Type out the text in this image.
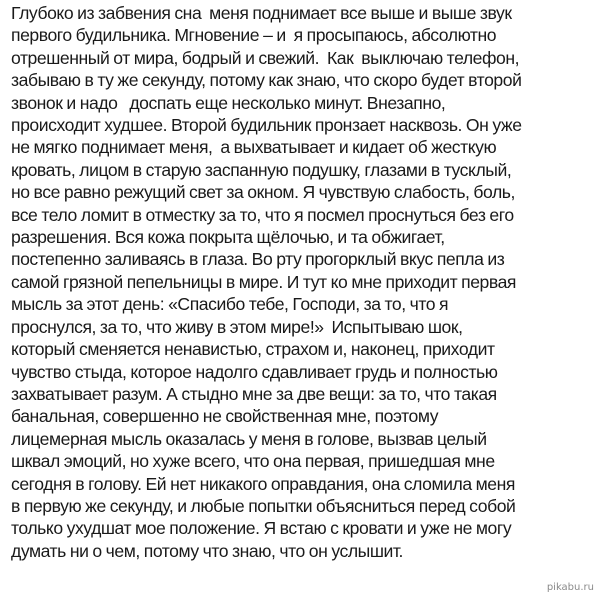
Глубоко из забвения сна  меня поднимает все выше и выше звук
первого будильника. Мгновение – и  я просыпаюсь, абсолютно
отрешенный от мира, бодрый и свежий.  Как  выключаю телефон,
забываю в ту же секунду, потому как знаю, что скоро будет второй
звонок и надо   доспать еще несколько минут. Внезапно,
происходит худшее. Второй будильник пронзает насквозь. Он уже
не мягко поднимает меня,  а выхватывает и кидает об жесткую
кровать, лицом в старую заспанную подушку, глазами в тусклый,
но все равно режущий свет за окном. Я чувствую слабость, боль,
все тело ломит в отместку за то, что я посмел проснуться без его
разрешения. Вся кожа покрыта щёлочью, и та обжигает,
постепенно заливаясь в глаза. Во рту прогорклый вкус пепла из
самой грязной пепельницы в мире. И тут ко мне приходит первая
мысль за этот день: «Спасибо тебе, Господи, за то, что я
проснулся, за то, что живу в этом мире!»  Испытываю шок,
который сменяется ненавистью, страхом и, наконец, приходит
чувство стыда, которое надолго сдавливает грудь и полностью
захватывает разум. А стыдно мне за две вещи: за то, что такая
банальная, совершенно не свойственная мне, поэтому
лицемерная мысль оказалась у меня в голове, вызвав целый
шквал эмоций, но хуже всего, что она первая, пришедшая мне
сегодня в голову. Ей нет никакого оправдания, она сломила меня
в первую же секунду, и любые попытки объясниться перед собой
только ухудшат мое положение. Я встаю с кровати и уже не могу
думать ни о чем, потому что знаю, что он услышит.
pikabu.ru
